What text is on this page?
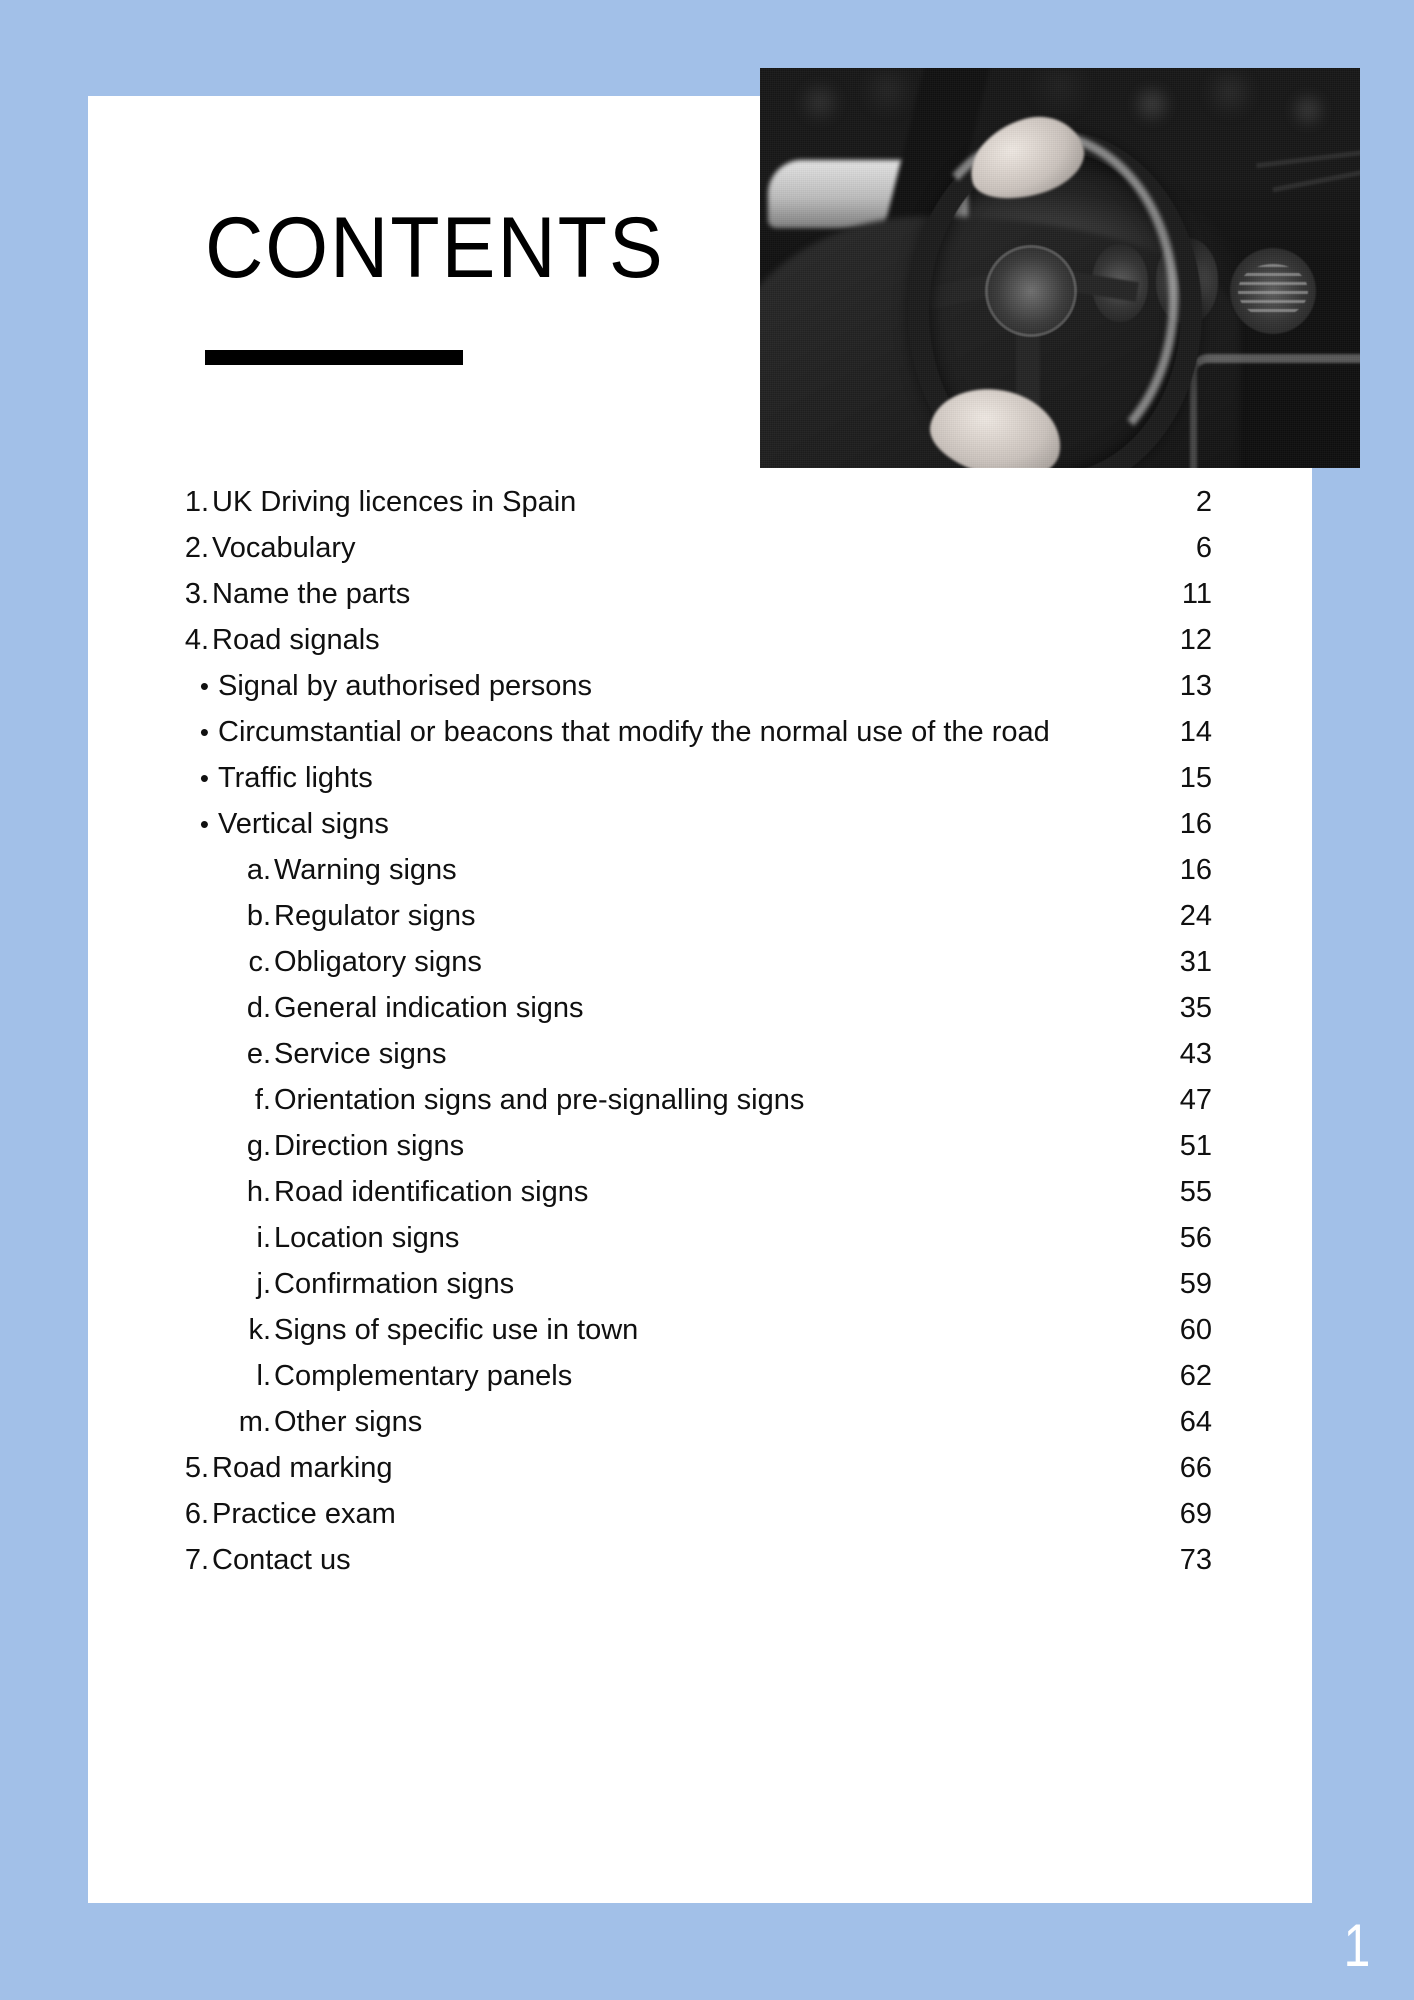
CONTENTS
1. UK Driving licences in Spain	2
2. Vocabulary	6
3. Name the parts	11
4. Road signals	12
• Signal by authorised persons	13
• Circumstantial or beacons that modify the normal use of the road	14
• Traffic lights	15
• Vertical signs	16
a. Warning signs	16
b. Regulator signs	24
c. Obligatory signs	31
d. General indication signs	35
e. Service signs	43
f. Orientation signs and pre-signalling signs	47
g. Direction signs	51
h. Road identification signs	55
i. Location signs	56
j. Confirmation signs	59
k. Signs of specific use in town	60
l. Complementary panels	62
m. Other signs	64
5. Road marking	66
6. Practice exam	69
7. Contact us	73
1
